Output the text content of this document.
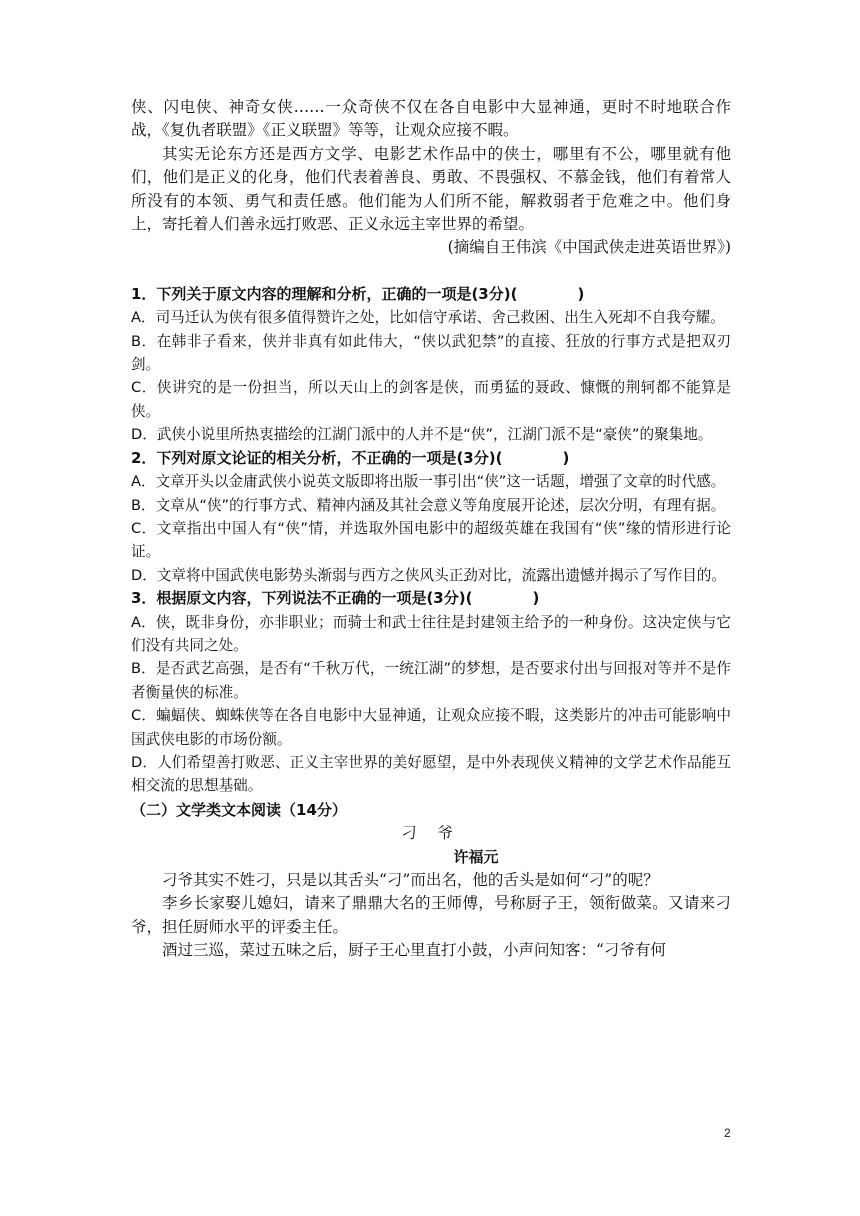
侠、闪电侠、神奇女侠……一众奇侠不仅在各自电影中大显神通，更时不时地联合作战，《复仇者联盟》《正义联盟》等等，让观众应接不暇。

其实无论东方还是西方文学、电影艺术作品中的侠士，哪里有不公，哪里就有他们，他们是正义的化身，他们代表着善良、勇敢、不畏强权、不慕金钱，他们有着常人所没有的本领、勇气和责任感。他们能为人们所不能，解救弱者于危难之中。他们身上，寄托着人们善永远打败恶、正义永远主宰世界的希望。

(摘编自王伟滨《中国武侠走进英语世界》)

1．下列关于原文内容的理解和分析，正确的一项是(3分)(　　　　)

A．司马迁认为侠有很多值得赞许之处，比如信守承诺、舍己救困、出生入死却不自我夸耀。

B．在韩非子看来，侠并非真有如此伟大，“侠以武犯禁”的直接、狂放的行事方式是把双刃剑。

C．侠讲究的是一份担当，所以天山上的剑客是侠，而勇猛的聂政、慷慨的荆轲都不能算是侠。

D．武侠小说里所热衷描绘的江湖门派中的人并不是“侠”，江湖门派不是“豪侠”的聚集地。

2．下列对原文论证的相关分析，不正确的一项是(3分)(　　　　)

A．文章开头以金庸武侠小说英文版即将出版一事引出“侠”这一话题，增强了文章的时代感。

B．文章从“侠”的行事方式、精神内涵及其社会意义等角度展开论述，层次分明，有理有据。

C．文章指出中国人有“侠”情，并选取外国电影中的超级英雄在我国有“侠”缘的情形进行论证。

D．文章将中国武侠电影势头渐弱与西方之侠风头正劲对比，流露出遗憾并揭示了写作目的。

3．根据原文内容，下列说法不正确的一项是(3分)(　　　　)

A．侠，既非身份，亦非职业；而骑士和武士往往是封建领主给予的一种身份。这决定侠与它们没有共同之处。

B．是否武艺高强，是否有“千秋万代，一统江湖”的梦想，是否要求付出与回报对等并不是作者衡量侠的标准。

C．蝙蝠侠、蜘蛛侠等在各自电影中大显神通，让观众应接不暇，这类影片的冲击可能影响中国武侠电影的市场份额。

D．人们希望善打败恶、正义主宰世界的美好愿望，是中外表现侠义精神的文学艺术作品能互相交流的思想基础。

（二）文学类文本阅读（14分）

刁 爷

许福元

刁爷其实不姓刁，只是以其舌头“刁”而出名，他的舌头是如何“刁”的呢？

李乡长家娶儿媳妇，请来了鼎鼎大名的王师傅，号称厨子王，领衔做菜。又请来刁爷，担任厨师水平的评委主任。

酒过三巡，菜过五味之后，厨子王心里直打小鼓，小声问知客：“刁爷有何

2
